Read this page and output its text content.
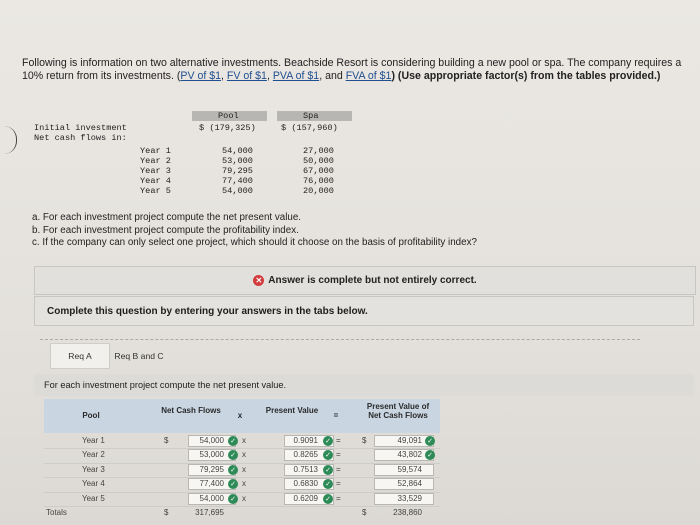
Following is information on two alternative investments. Beachside Resort is considering building a new pool or spa. The company requires a 10% return from its investments. (PV of $1, FV of $1, PVA of $1, and FVA of $1) (Use appropriate factor(s) from the tables provided.)
Pool	Spa
Initial investment	$ (179,325)	$ (157,960)
Net cash flows in:
Year 1	54,000	27,000
Year 2	53,000	50,000
Year 3	79,295	67,000
Year 4	77,400	76,000
Year 5	54,000	20,000
a. For each investment project compute the net present value.
b. For each investment project compute the profitability index.
c. If the company can only select one project, which should it choose on the basis of profitability index?
✕ Answer is complete but not entirely correct.
Complete this question by entering your answers in the tabs below.
Req A	Req B and C
For each investment project compute the net present value.
Pool
Net Cash Flows
x
Present Value
=
Present Value of Net Cash Flows
Year 1	$	54,000 ✓ x	0.9091	✓ =	$	49,091 ✓
Year 2	53,000 ✓ x	0.8265	✓ =	43,802 ✓
Year 3	79,295 ✓ x	0.7513	✓ =	59,574
Year 4	77,400 ✓ x	0.6830	✓ =	52,864
Year 5	54,000 ✓ x	0.6209	✓ =	33,529
Totals	$	317,695	$	238,860
